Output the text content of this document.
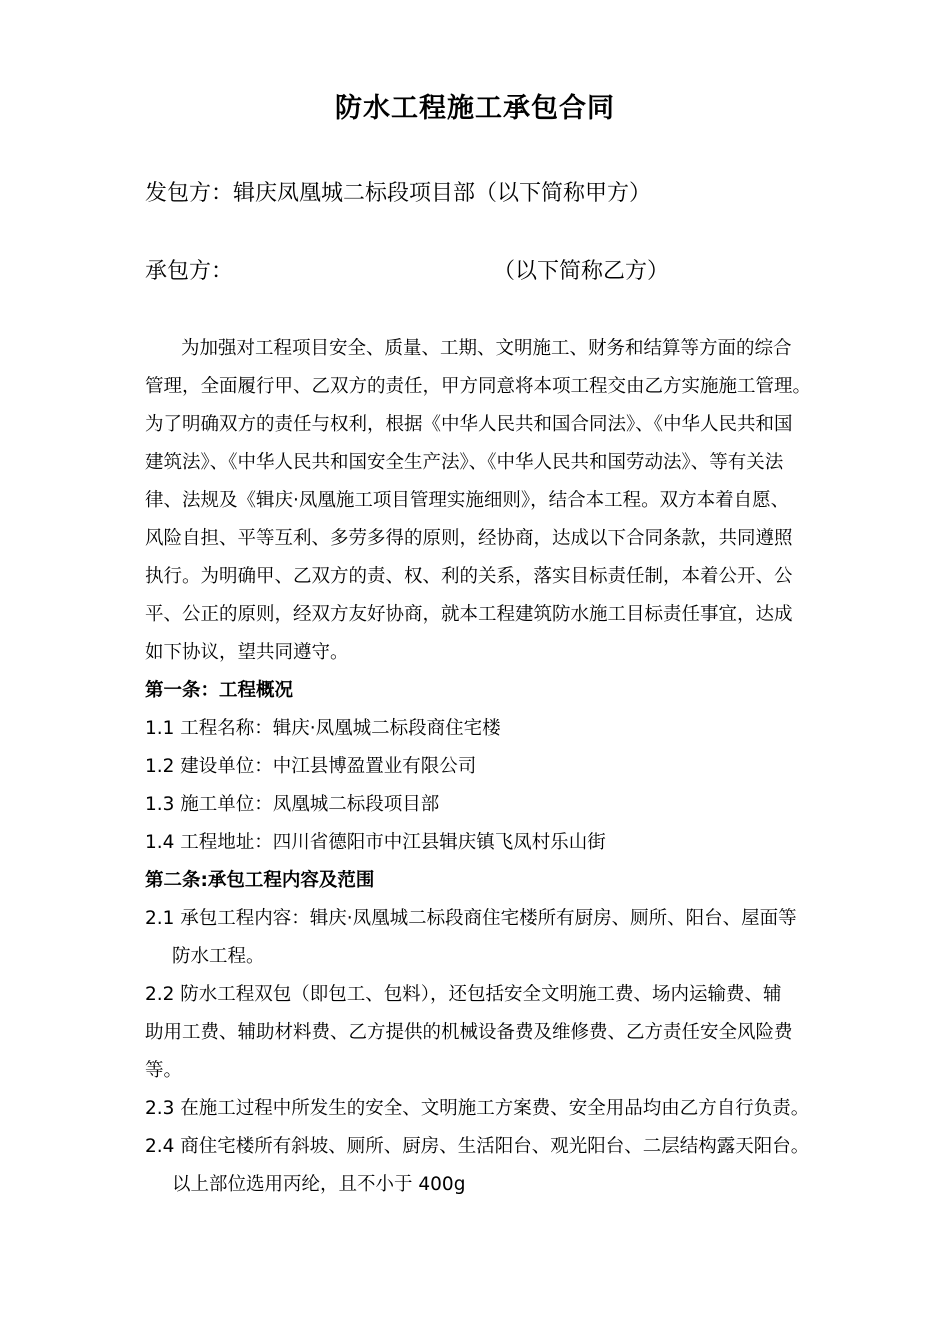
防水工程施工承包合同
发包方：辑庆凤凰城二标段项目部（以下简称甲方）
承包方：	（以下简称乙方）
为加强对工程项目安全、质量、工期、文明施工、财务和结算等方面的综合
管理，全面履行甲、乙双方的责任，甲方同意将本项工程交由乙方实施施工管理。
为了明确双方的责任与权利，根据《中华人民共和国合同法》、《中华人民共和国
建筑法》、《中华人民共和国安全生产法》、《中华人民共和国劳动法》、等有关法
律、法规及《辑庆·凤凰施工项目管理实施细则》，结合本工程。双方本着自愿、
风险自担、平等互利、多劳多得的原则，经协商，达成以下合同条款，共同遵照
执行。为明确甲、乙双方的责、权、利的关系，落实目标责任制，本着公开、公
平、公正的原则，经双方友好协商，就本工程建筑防水施工目标责任事宜，达成
如下协议，望共同遵守。
第一条：工程概况
1.1 工程名称：辑庆·凤凰城二标段商住宅楼
1.2 建设单位：中江县博盈置业有限公司
1.3 施工单位：凤凰城二标段项目部
1.4 工程地址：四川省德阳市中江县辑庆镇飞凤村乐山街
第二条:承包工程内容及范围
2.1 承包工程内容：辑庆·凤凰城二标段商住宅楼所有厨房、厕所、阳台、屋面等
防水工程。
2.2 防水工程双包（即包工、包料），还包括安全文明施工费、场内运输费、辅
助用工费、辅助材料费、乙方提供的机械设备费及维修费、乙方责任安全风险费
等。
2.3 在施工过程中所发生的安全、文明施工方案费、安全用品均由乙方自行负责。
2.4 商住宅楼所有斜坡、厕所、厨房、生活阳台、观光阳台、二层结构露天阳台。
以上部位选用丙纶，且不小于 400g
